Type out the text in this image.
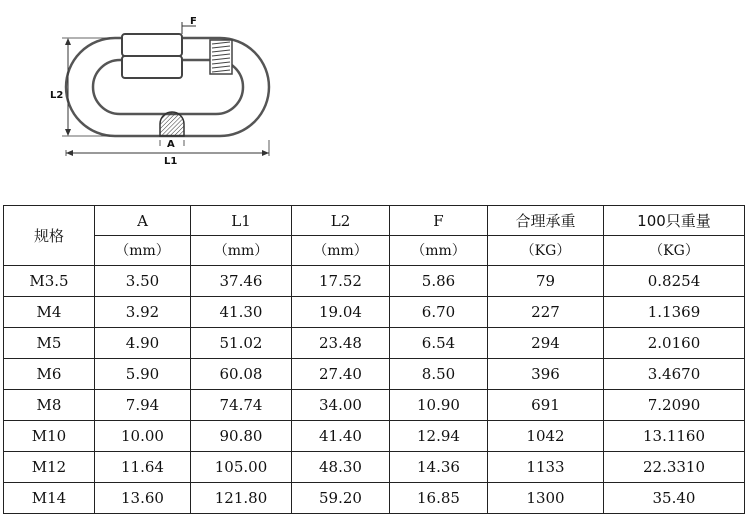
F
L2
A
L1
规格	A	L1	L2	F	合理承重	100只重量
	（mm）	（mm）	（mm）	（mm）	（KG）	（KG）
M3.5	3.50	37.46	17.52	5.86	79	0.8254
M4	3.92	41.30	19.04	6.70	227	1.1369
M5	4.90	51.02	23.48	6.54	294	2.0160
M6	5.90	60.08	27.40	8.50	396	3.4670
M8	7.94	74.74	34.00	10.90	691	7.2090
M10	10.00	90.80	41.40	12.94	1042	13.1160
M12	11.64	105.00	48.30	14.36	1133	22.3310
M14	13.60	121.80	59.20	16.85	1300	35.40
